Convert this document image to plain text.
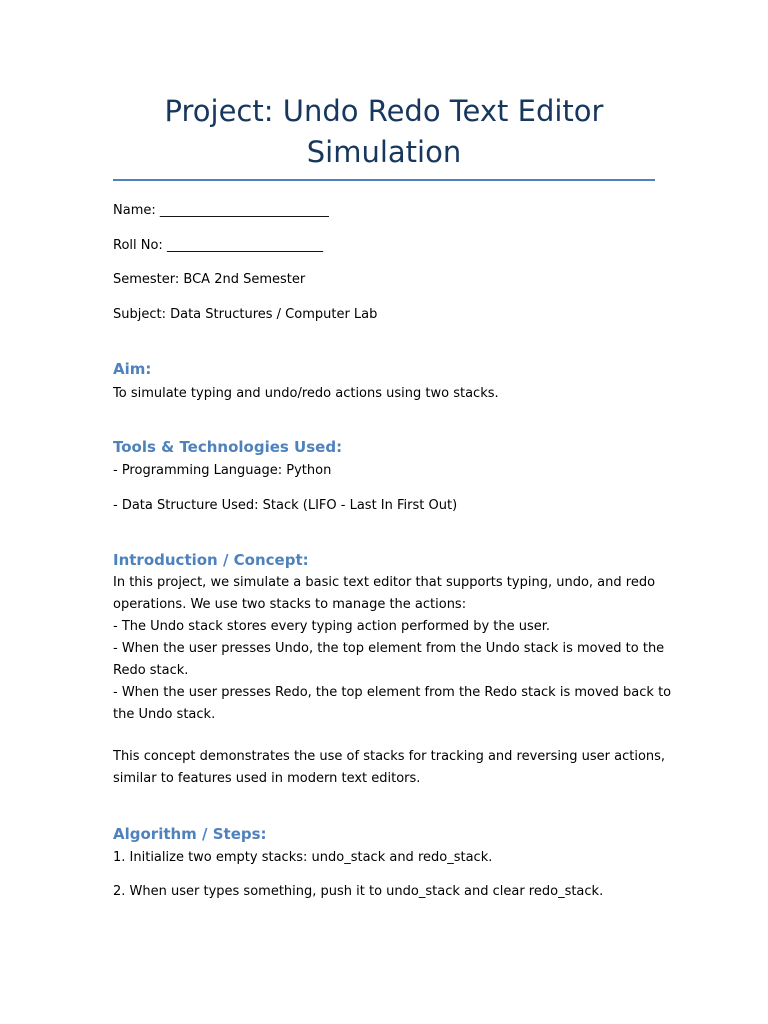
Project: Undo Redo Text Editor
Simulation
Name: __________________________
Roll No: ________________________
Semester: BCA 2nd Semester
Subject: Data Structures / Computer Lab
Aim:
To simulate typing and undo/redo actions using two stacks.
Tools & Technologies Used:
- Programming Language: Python
- Data Structure Used: Stack (LIFO - Last In First Out)
Introduction / Concept:
In this project, we simulate a basic text editor that supports typing, undo, and redo
operations. We use two stacks to manage the actions:
- The Undo stack stores every typing action performed by the user.
- When the user presses Undo, the top element from the Undo stack is moved to the
Redo stack.
- When the user presses Redo, the top element from the Redo stack is moved back to
the Undo stack.
This concept demonstrates the use of stacks for tracking and reversing user actions,
similar to features used in modern text editors.
Algorithm / Steps:
1. Initialize two empty stacks: undo_stack and redo_stack.
2. When user types something, push it to undo_stack and clear redo_stack.
